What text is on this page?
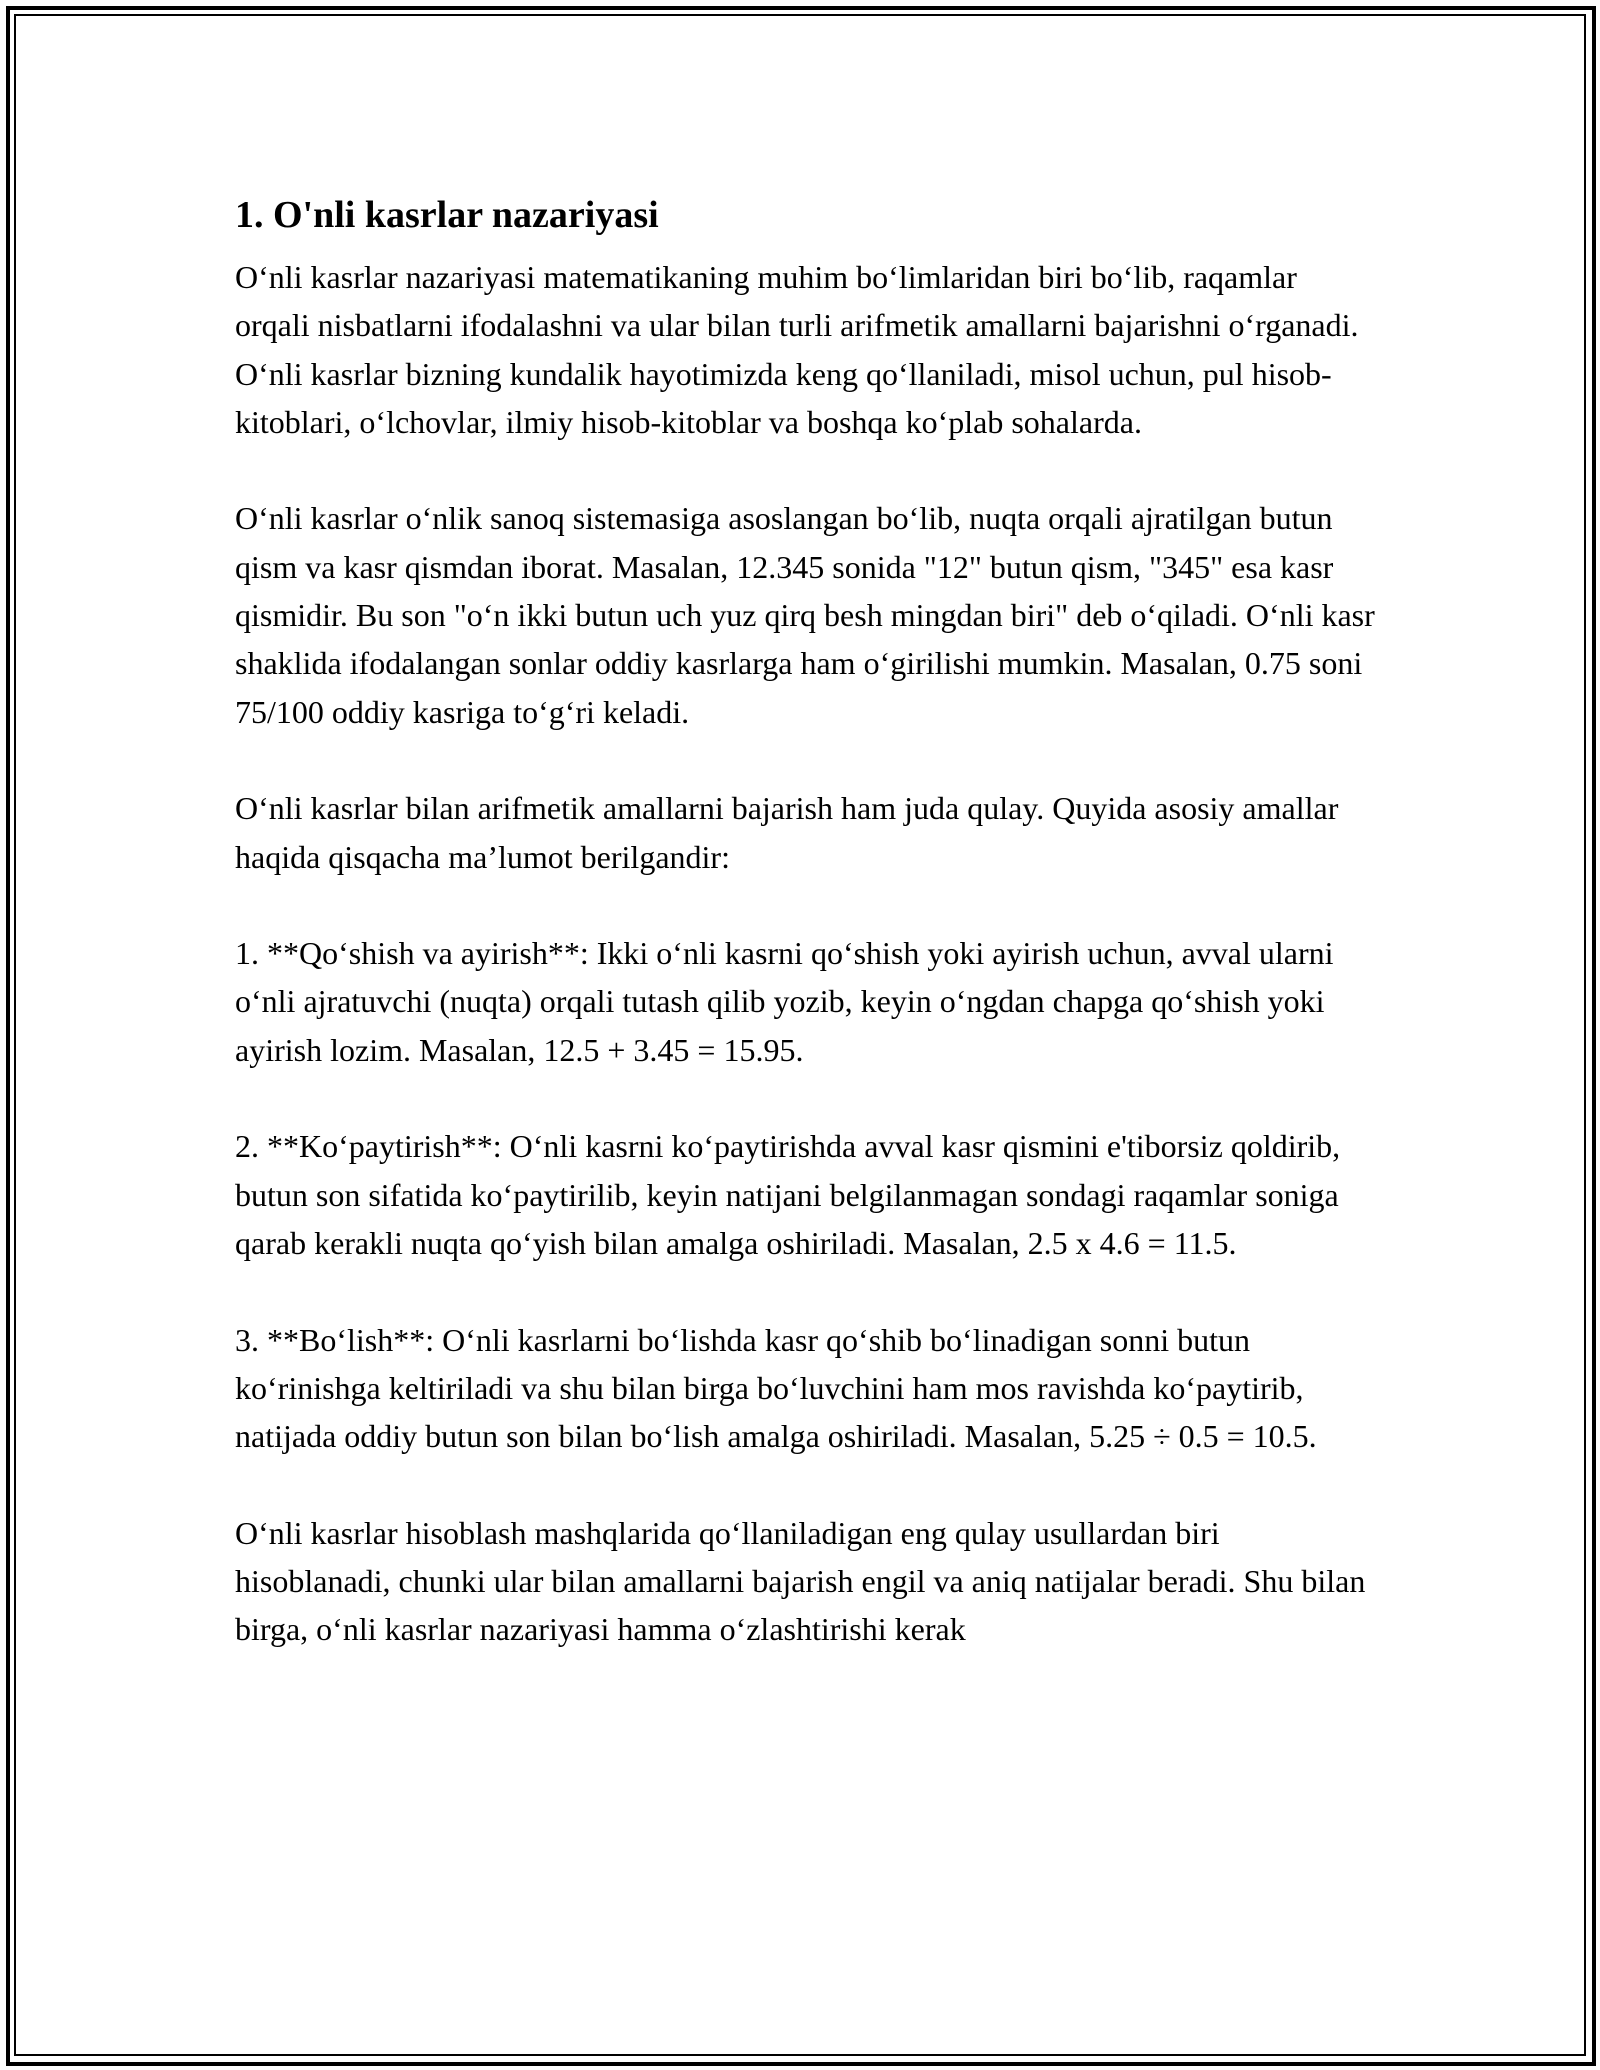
1. O'nli kasrlar nazariyasi

O‘nli kasrlar nazariyasi matematikaning muhim bo‘limlaridan biri bo‘lib, raqamlar orqali nisbatlarni ifodalashni va ular bilan turli arifmetik amallarni bajarishni o‘rganadi. O‘nli kasrlar bizning kundalik hayotimizda keng qo‘llaniladi, misol uchun, pul hisob-kitoblari, o‘lchovlar, ilmiy hisob-kitoblar va boshqa ko‘plab sohalarda.

O‘nli kasrlar o‘nlik sanoq sistemasiga asoslangan bo‘lib, nuqta orqali ajratilgan butun qism va kasr qismdan iborat. Masalan, 12.345 sonida "12" butun qism, "345" esa kasr qismidir. Bu son "o‘n ikki butun uch yuz qirq besh mingdan biri" deb o‘qiladi. O‘nli kasr shaklida ifodalangan sonlar oddiy kasrlarga ham o‘girilishi mumkin. Masalan, 0.75 soni 75/100 oddiy kasriga to‘g‘ri keladi.

O‘nli kasrlar bilan arifmetik amallarni bajarish ham juda qulay. Quyida asosiy amallar haqida qisqacha ma’lumot berilgandir:

1. **Qo‘shish va ayirish**: Ikki o‘nli kasrni qo‘shish yoki ayirish uchun, avval ularni o‘nli ajratuvchi (nuqta) orqali tutash qilib yozib, keyin o‘ngdan chapga qo‘shish yoki ayirish lozim. Masalan, 12.5 + 3.45 = 15.95.

2. **Ko‘paytirish**: O‘nli kasrni ko‘paytirishda avval kasr qismini e'tiborsiz qoldirib, butun son sifatida ko‘paytirilib, keyin natijani belgilanmagan sondagi raqamlar soniga qarab kerakli nuqta qo‘yish bilan amalga oshiriladi. Masalan, 2.5 x 4.6 = 11.5.

3. **Bo‘lish**: O‘nli kasrlarni bo‘lishda kasr qo‘shib bo‘linadigan sonni butun ko‘rinishga keltiriladi va shu bilan birga bo‘luvchini ham mos ravishda ko‘paytirib, natijada oddiy butun son bilan bo‘lish amalga oshiriladi. Masalan, 5.25 ÷ 0.5 = 10.5.

O‘nli kasrlar hisoblash mashqlarida qo‘llaniladigan eng qulay usullardan biri hisoblanadi, chunki ular bilan amallarni bajarish engil va aniq natijalar beradi. Shu bilan birga, o‘nli kasrlar nazariyasi hamma o‘zlashtirishi kerak
